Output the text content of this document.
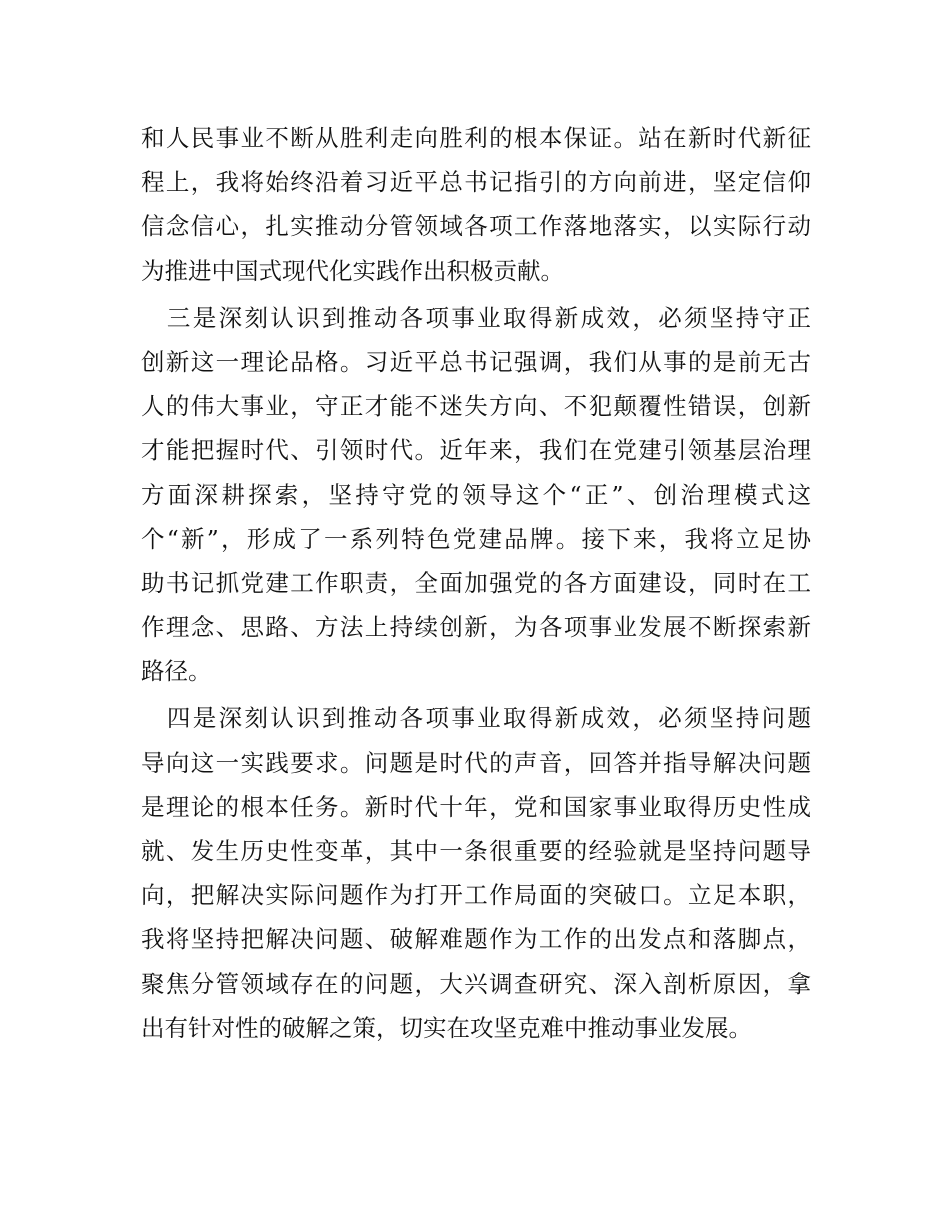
和人民事业不断从胜利走向胜利的根本保证。站在新时代新征
程上，我将始终沿着习近平总书记指引的方向前进，坚定信仰
信念信心，扎实推动分管领域各项工作落地落实，以实际行动
为推进中国式现代化实践作出积极贡献。
　三是深刻认识到推动各项事业取得新成效，必须坚持守正
创新这一理论品格。习近平总书记强调，我们从事的是前无古
人的伟大事业，守正才能不迷失方向、不犯颠覆性错误，创新
才能把握时代、引领时代。近年来，我们在党建引领基层治理
方面深耕探索，坚持守党的领导这个“正”、创治理模式这
个“新”，形成了一系列特色党建品牌。接下来，我将立足协
助书记抓党建工作职责，全面加强党的各方面建设，同时在工
作理念、思路、方法上持续创新，为各项事业发展不断探索新
路径。
　四是深刻认识到推动各项事业取得新成效，必须坚持问题
导向这一实践要求。问题是时代的声音，回答并指导解决问题
是理论的根本任务。新时代十年，党和国家事业取得历史性成
就、发生历史性变革，其中一条很重要的经验就是坚持问题导
向，把解决实际问题作为打开工作局面的突破口。立足本职，
我将坚持把解决问题、破解难题作为工作的出发点和落脚点，
聚焦分管领域存在的问题，大兴调查研究、深入剖析原因，拿
出有针对性的破解之策，切实在攻坚克难中推动事业发展。
